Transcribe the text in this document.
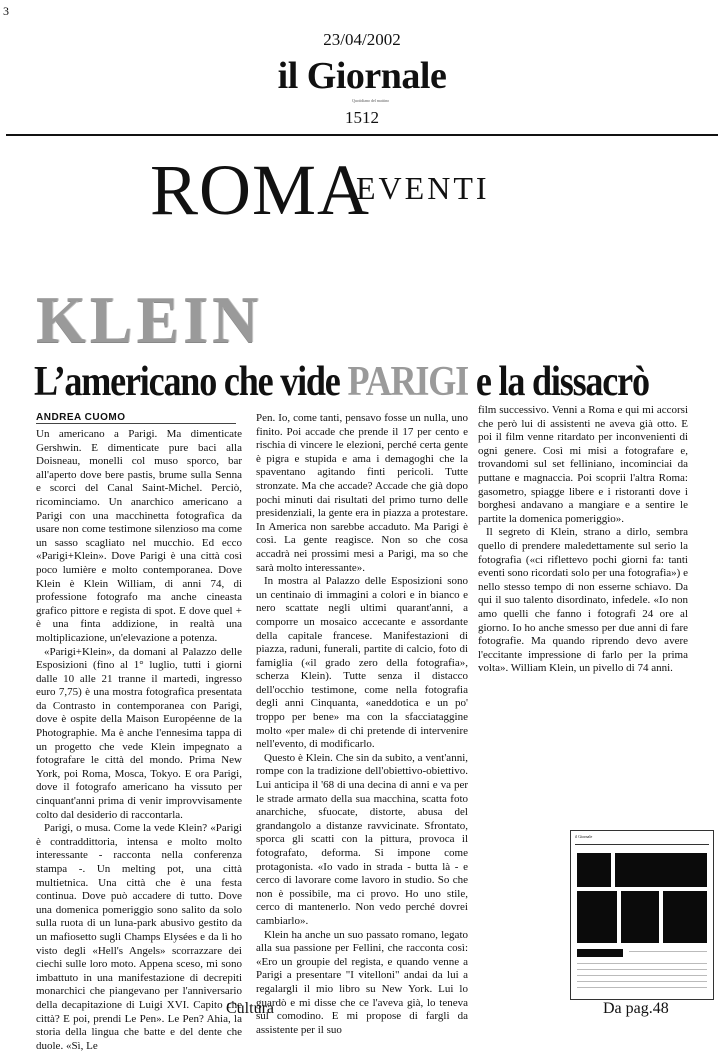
3
23/04/2002
il Giornale
Quotidiano del mattino
1512
ROMA
EVENTI
KLEIN
L’americano che vide PARIGI e la dissacrò
ANDREA CUOMO

Un americano a Parigi. Ma dimenticate Gershwin. E dimenticate pure baci alla Doisneau, monelli col muso sporco, bar all'aperto dove bere pastis, brume sulla Senna e scorci del Canal Saint-Michel. Perciò, ricominciamo. Un anarchico americano a Parigi con una macchinetta fotografica da usare non come testimone silenzioso ma come un sasso scagliato nel mucchio. Ed ecco «Parigi+Klein». Dove Parigi è una città così poco lumière e molto contemporanea. Dove Klein è Klein William, di anni 74, di professione fotografo ma anche cineasta grafico pittore e regista di spot. E dove quel + è una finta addizione, in realtà una moltiplicazione, un'elevazione a potenza.

«Parigi+Klein», da domani al Palazzo delle Esposizioni (fino al 1° luglio, tutti i giorni dalle 10 alle 21 tranne il martedì, ingresso euro 7,75) è una mostra fotografica presentata da Contrasto in contemporanea con Parigi, dove è ospite della Maison Européenne de la Photographie. Ma è anche l'ennesima tappa di un progetto che vede Klein impegnato a fotografare le città del mondo. Prima New York, poi Roma, Mosca, Tokyo. E ora Parigi, dove il fotografo americano ha vissuto per cinquant'anni prima di venir improvvisamente colto dal desiderio di raccontarla.

Parigi, o musa. Come la vede Klein? «Parigi è contraddittoria, intensa e molto molto interessante - racconta nella conferenza stampa -. Un melting pot, una città multietnica. Una città che è una festa continua. Dove può accadere di tutto. Dove una domenica pomeriggio sono salito da solo sulla ruota di un luna-park abusivo gestito da un mafiosetto sugli Champs Elysées e da lì ho visto degli «Hell's Angels» scorrazzare dei ciechi sulle loro moto. Appena sceso, mi sono imbattuto in una manifestazione di decrepiti monarchici che piangevano per l'anniversario della decapitazione di Luigi XVI. Capito che città? E poi, prendi Le Pen». Le Pen? Ahia, la storia della lingua che batte e del dente che duole. «Sì, Le

Pen. Io, come tanti, pensavo fosse un nulla, uno finito. Poi accade che prende il 17 per cento e rischia di vincere le elezioni, perché certa gente è pigra e stupida e ama i demagoghi che la spaventano agitando finti pericoli. Tutte stronzate. Ma che accade? Accade che già dopo pochi minuti dai risultati del primo turno delle presidenziali, la gente era in piazza a protestare. In America non sarebbe accaduto. Ma Parigi è così. La gente reagisce. Non so che cosa accadrà nei prossimi mesi a Parigi, ma so che sarà molto interessante».

In mostra al Palazzo delle Esposizioni sono un centinaio di immagini a colori e in bianco e nero scattate negli ultimi quarant'anni, a comporre un mosaico accecante e assordante della capitale francese. Manifestazioni di piazza, raduni, funerali, partite di calcio, foto di famiglia («il grado zero della fotografia», scherza Klein). Tutte senza il distacco dell'occhio testimone, come nella fotografia degli anni Cinquanta, «aneddotica e un po' troppo per bene» ma con la sfacciataggine molto «per male» di chi pretende di intervenire nell'evento, di modificarlo.

Questo è Klein. Che sin da subito, a vent'anni, rompe con la tradizione dell'obiettivo-obiettivo. Lui anticipa il '68 di una decina di anni e va per le strade armato della sua macchina, scatta foto anarchiche, sfuocate, distorte, abusa del grandangolo a distanze ravvicinate. Sfrontato, sporca gli scatti con la pittura, provoca il fotografato, deforma. Si impone come protagonista. «Io vado in strada - butta là - e cerco di lavorare come lavoro in studio. So che non è possibile, ma ci provo. Ho uno stile, cerco di mantenerlo. Non vedo perché dovrei cambiarlo».

Klein ha anche un suo passato romano, legato alla sua passione per Fellini, che racconta così: «Ero un groupie del regista, e quando venne a Parigi a presentare "I vitelloni" andai da lui a regalargli il mio libro su New York. Lui lo guardò e mi disse che ce l'aveva già, lo teneva sul comodino. E mi propose di fargli da assistente per il suo

film successivo. Venni a Roma e qui mi accorsi che però lui di assistenti ne aveva già otto. E poi il film venne ritardato per inconvenienti di ogni genere. Così mi misi a fotografare e, trovandomi sul set felliniano, incominciai da puttane e magnaccia. Poi scoprii l'altra Roma: gasometro, spiagge libere e i ristoranti dove i borghesi andavano a mangiare e a sentire le partite la domenica pomeriggio».

Il segreto di Klein, strano a dirlo, sembra quello di prendere maledettamente sul serio la fotografia («ci riflettevo pochi giorni fa: tanti eventi sono ricordati solo per una fotografia») e nello stesso tempo di non esserne schiavo. Da qui il suo talento disordinato, infedele. «Io non amo quelli che fanno i fotografi 24 ore al giorno. Io ho anche smesso per due anni di fare fotografie. Ma quando riprendo devo avere l'eccitante impressione di farlo per la prima volta». William Klein, un pivello di 74 anni.

il Giornale
Cultura	Da pag.48
